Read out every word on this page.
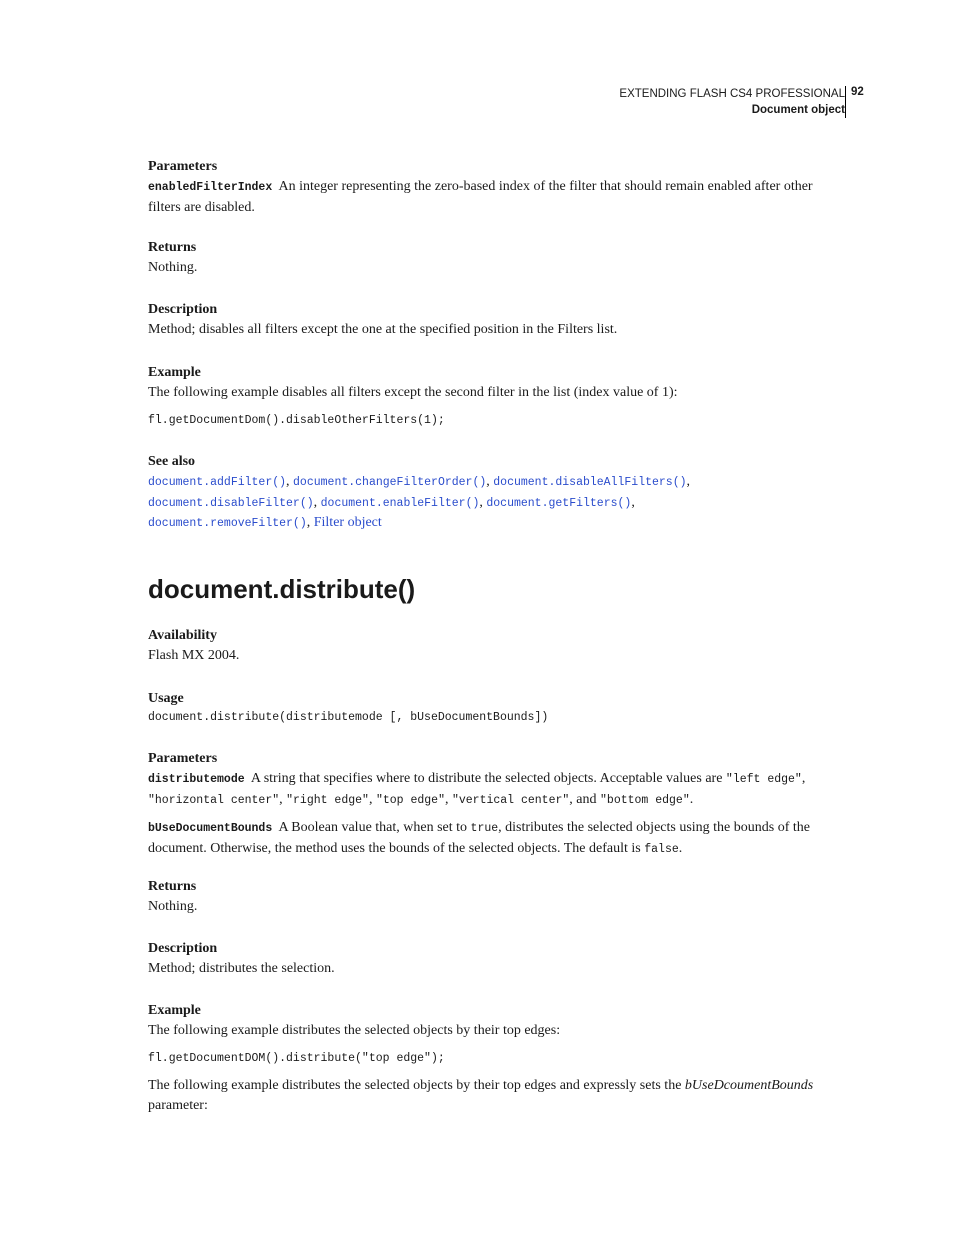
EXTENDING FLASH CS4 PROFESSIONAL
Document object
92
Parameters
enabledFilterIndex An integer representing the zero-based index of the filter that should remain enabled after other filters are disabled.
Returns
Nothing.
Description
Method; disables all filters except the one at the specified position in the Filters list.
Example
The following example disables all filters except the second filter in the list (index value of 1):
fl.getDocumentDom().disableOtherFilters(1);
See also
document.addFilter(), document.changeFilterOrder(), document.disableAllFilters(),
document.disableFilter(), document.enableFilter(), document.getFilters(),
document.removeFilter(), Filter object
document.distribute()
Availability
Flash MX 2004.
Usage
document.distribute(distributemode [, bUseDocumentBounds])
Parameters
distributemode A string that specifies where to distribute the selected objects. Acceptable values are "left edge", "horizontal center", "right edge", "top edge", "vertical center", and "bottom edge".
bUseDocumentBounds A Boolean value that, when set to true, distributes the selected objects using the bounds of the document. Otherwise, the method uses the bounds of the selected objects. The default is false.
Returns
Nothing.
Description
Method; distributes the selection.
Example
The following example distributes the selected objects by their top edges:
fl.getDocumentDOM().distribute("top edge");
The following example distributes the selected objects by their top edges and expressly sets the bUseDcoumentBounds parameter:
